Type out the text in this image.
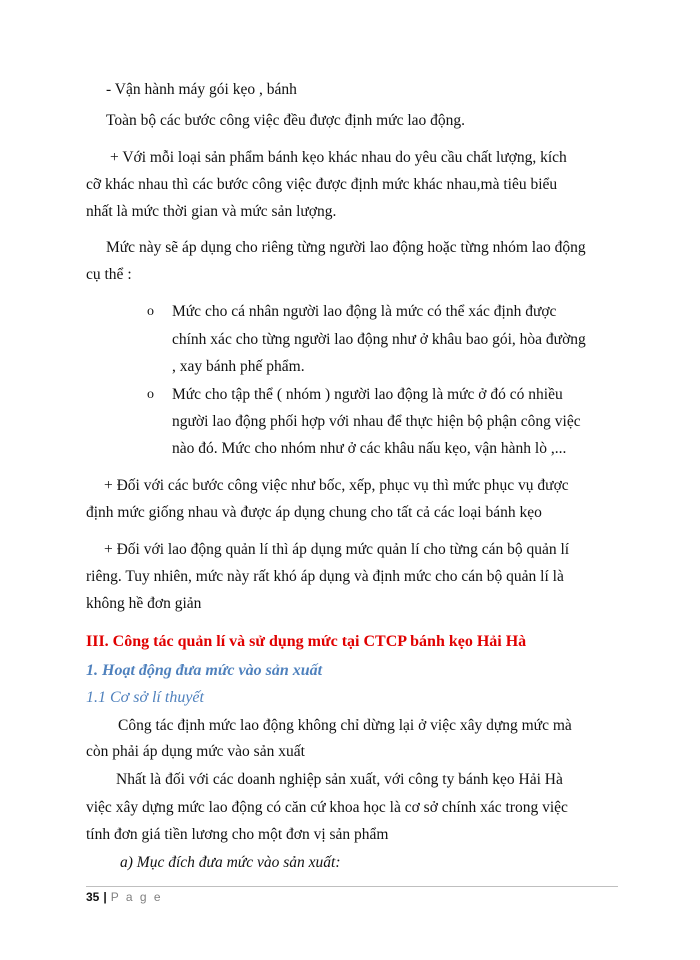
- Vận hành máy gói kẹo , bánh
Toàn bộ các bước công việc đều được định mức lao động.
+ Với mỗi loại sản phẩm bánh kẹo khác nhau do yêu cầu chất lượng, kích
cỡ khác nhau thì các bước công việc được định mức khác nhau,mà tiêu biểu
nhất là mức thời gian và mức sản lượng.
Mức này sẽ áp dụng cho riêng từng người lao động hoặc từng nhóm lao động
cụ thể :
o Mức cho cá nhân người lao động là mức có thể xác định được
chính xác cho từng người lao động như ở khâu bao gói, hòa đường
, xay bánh phế phẩm.
o Mức cho tập thể ( nhóm ) người lao động là mức ở đó có nhiều
người lao động phối hợp với nhau để thực hiện bộ phận công việc
nào đó. Mức cho nhóm như ở các khâu nấu kẹo, vận hành lò ,...
+ Đối với các bước công việc như bốc, xếp, phục vụ thì mức phục vụ được
định mức giống nhau và được áp dụng chung cho tất cả các loại bánh kẹo
+ Đối với lao động quản lí thì áp dụng mức quản lí cho từng cán bộ quản lí
riêng. Tuy nhiên, mức này rất khó áp dụng và định mức cho cán bộ quản lí là
không hề đơn giản
III. Công tác quản lí và sử dụng mức tại CTCP bánh kẹo Hải Hà
1. Hoạt động đưa mức vào sản xuất
1.1 Cơ sở lí thuyết
Công tác định mức lao động không chỉ dừng lại ở việc xây dựng mức mà
còn phải áp dụng mức vào sản xuất
Nhất là đối với các doanh nghiệp sản xuất, với công ty bánh kẹo Hải Hà
việc xây dựng mức lao động có căn cứ khoa học là cơ sở chính xác trong việc
tính đơn giá tiền lương cho một đơn vị sản phẩm
a) Mục đích đưa mức vào sản xuất:
35 | P a g e
